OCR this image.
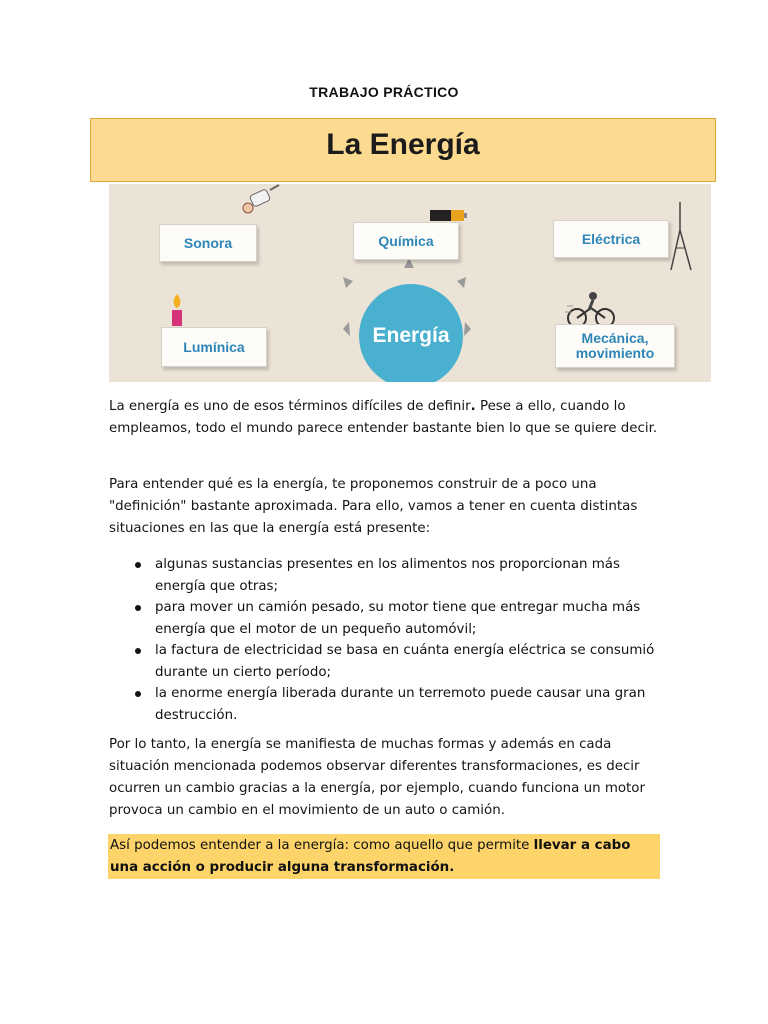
TRABAJO PRÁCTICO
La Energía
Sonora	Química	Eléctrica
Lumínica	Energía	Mecánica,
movimiento

La energía es uno de esos términos difíciles de definir. Pese a ello, cuando lo empleamos, todo el mundo parece entender bastante bien lo que se quiere decir.

Para entender qué es la energía, te proponemos construir de a poco una "definición" bastante aproximada. Para ello, vamos a tener en cuenta distintas situaciones en las que la energía está presente:

algunas sustancias presentes en los alimentos nos proporcionan más energía que otras;
para mover un camión pesado, su motor tiene que entregar mucha más energía que el motor de un pequeño automóvil;
la factura de electricidad se basa en cuánta energía eléctrica se consumió durante un cierto período;
la enorme energía liberada durante un terremoto puede causar una gran destrucción.

Por lo tanto, la energía se manifiesta de muchas formas y además en cada situación mencionada podemos observar diferentes transformaciones, es decir ocurren un cambio gracias a la energía, por ejemplo, cuando funciona un motor provoca un cambio en el movimiento de un auto o camión.

Así podemos entender a la energía: como aquello que permite llevar a cabo una acción o producir alguna transformación.
